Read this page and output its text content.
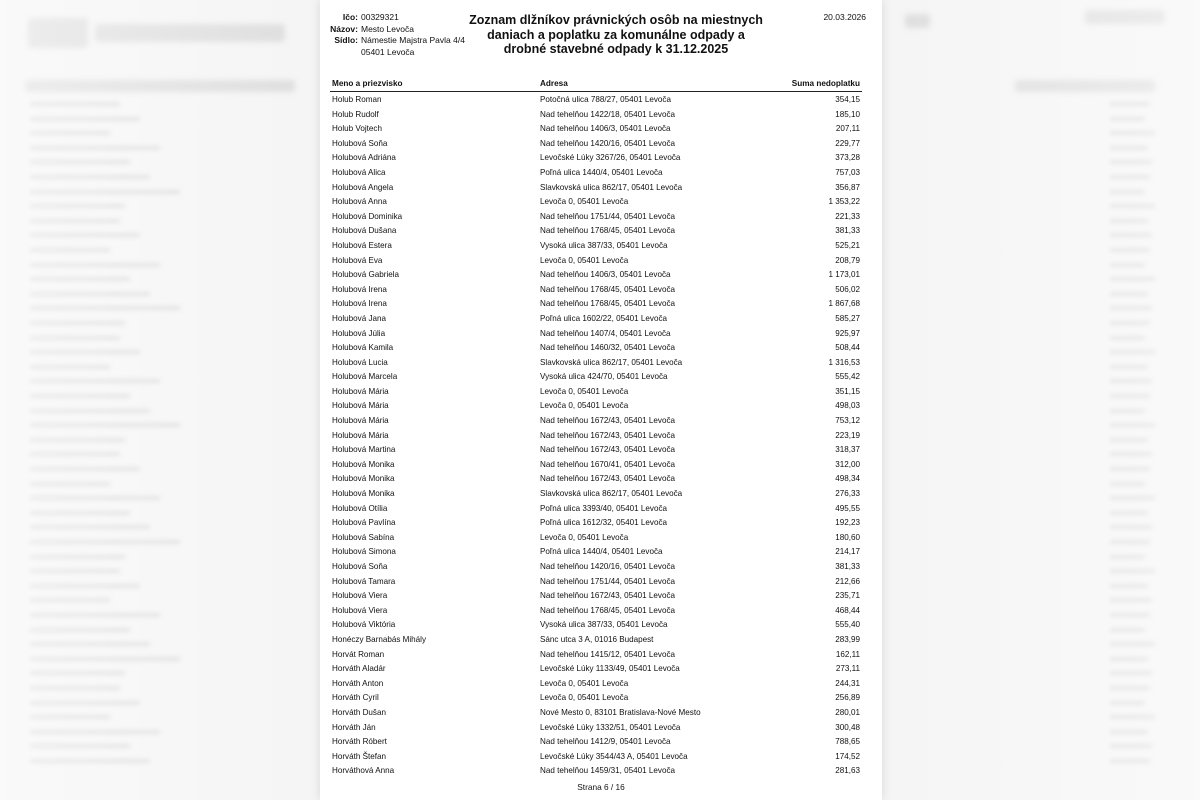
Ičo: 00329321
Názov: Mesto Levoča
Sídlo: Námestie Majstra Pavla 4/4
05401 Levoča
Zoznam dlžníkov právnických osôb na miestnych daniach a poplatku za komunálne odpady a drobné stavebné odpady k 31.12.2025
20.03.2026
Meno a priezvisko	Adresa	Suma nedoplatku
Holub Roman	Potočná ulica 788/27, 05401 Levoča	354,15
Holub Rudolf	Nad tehelňou 1422/18, 05401 Levoča	185,10
Holub Vojtech	Nad tehelňou 1406/3, 05401 Levoča	207,11
Holubová Soňa	Nad tehelňou 1420/16, 05401 Levoča	229,77
Holubová Adriána	Levočské Lúky 3267/26, 05401 Levoča	373,28
Holubová Alica	Poľná ulica 1440/4, 05401 Levoča	757,03
Holubová Angela	Slavkovská ulica 862/17, 05401 Levoča	356,87
Holubová Anna	Levoča 0, 05401 Levoča	1 353,22
Holubová Dominika	Nad tehelňou 1751/44, 05401 Levoča	221,33
Holubová Dušana	Nad tehelňou 1768/45, 05401 Levoča	381,33
Holubová Estera	Vysoká ulica 387/33, 05401 Levoča	525,21
Holubová Eva	Levoča 0, 05401 Levoča	208,79
Holubová Gabriela	Nad tehelňou 1406/3, 05401 Levoča	1 173,01
Holubová Irena	Nad tehelňou 1768/45, 05401 Levoča	506,02
Holubová Irena	Nad tehelňou 1768/45, 05401 Levoča	1 867,68
Holubová Jana	Poľná ulica 1602/22, 05401 Levoča	585,27
Holubová Júlia	Nad tehelňou 1407/4, 05401 Levoča	925,97
Holubová Kamila	Nad tehelňou 1460/32, 05401 Levoča	508,44
Holubová Lucia	Slavkovská ulica 862/17, 05401 Levoča	1 316,53
Holubová Marcela	Vysoká ulica 424/70, 05401 Levoča	555,42
Holubová Mária	Levoča 0, 05401 Levoča	351,15
Holubová Mária	Levoča 0, 05401 Levoča	498,03
Holubová Mária	Nad tehelňou 1672/43, 05401 Levoča	753,12
Holubová Mária	Nad tehelňou 1672/43, 05401 Levoča	223,19
Holubová Martina	Nad tehelňou 1672/43, 05401 Levoča	318,37
Holubová Monika	Nad tehelňou 1670/41, 05401 Levoča	312,00
Holubová Monika	Nad tehelňou 1672/43, 05401 Levoča	498,34
Holubová Monika	Slavkovská ulica 862/17, 05401 Levoča	276,33
Holubová Otília	Poľná ulica 3393/40, 05401 Levoča	495,55
Holubová Pavlína	Poľná ulica 1612/32, 05401 Levoča	192,23
Holubová Sabína	Levoča 0, 05401 Levoča	180,60
Holubová Simona	Poľná ulica 1440/4, 05401 Levoča	214,17
Holubová Soňa	Nad tehelňou 1420/16, 05401 Levoča	381,33
Holubová Tamara	Nad tehelňou 1751/44, 05401 Levoča	212,66
Holubová Viera	Nad tehelňou 1672/43, 05401 Levoča	235,71
Holubová Viera	Nad tehelňou 1768/45, 05401 Levoča	468,44
Holubová Viktória	Vysoká ulica 387/33, 05401 Levoča	555,40
Honéczy Barnabás Mihály	Sánc utca 3 A, 01016 Budapest	283,99
Horvát Roman	Nad tehelňou 1415/12, 05401 Levoča	162,11
Horváth Aladár	Levočské Lúky 1133/49, 05401 Levoča	273,11
Horváth Anton	Levoča 0, 05401 Levoča	244,31
Horváth Cyril	Levoča 0, 05401 Levoča	256,89
Horváth Dušan	Nové Mesto 0, 83101 Bratislava-Nové Mesto	280,01
Horváth Ján	Levočské Lúky 1332/51, 05401 Levoča	300,48
Horváth Róbert	Nad tehelňou 1412/9, 05401 Levoča	788,65
Horváth Štefan	Levočské Lúky 3544/43 A, 05401 Levoča	174,52
Horváthová Anna	Nad tehelňou 1459/31, 05401 Levoča	281,63
Strana 6 / 16
